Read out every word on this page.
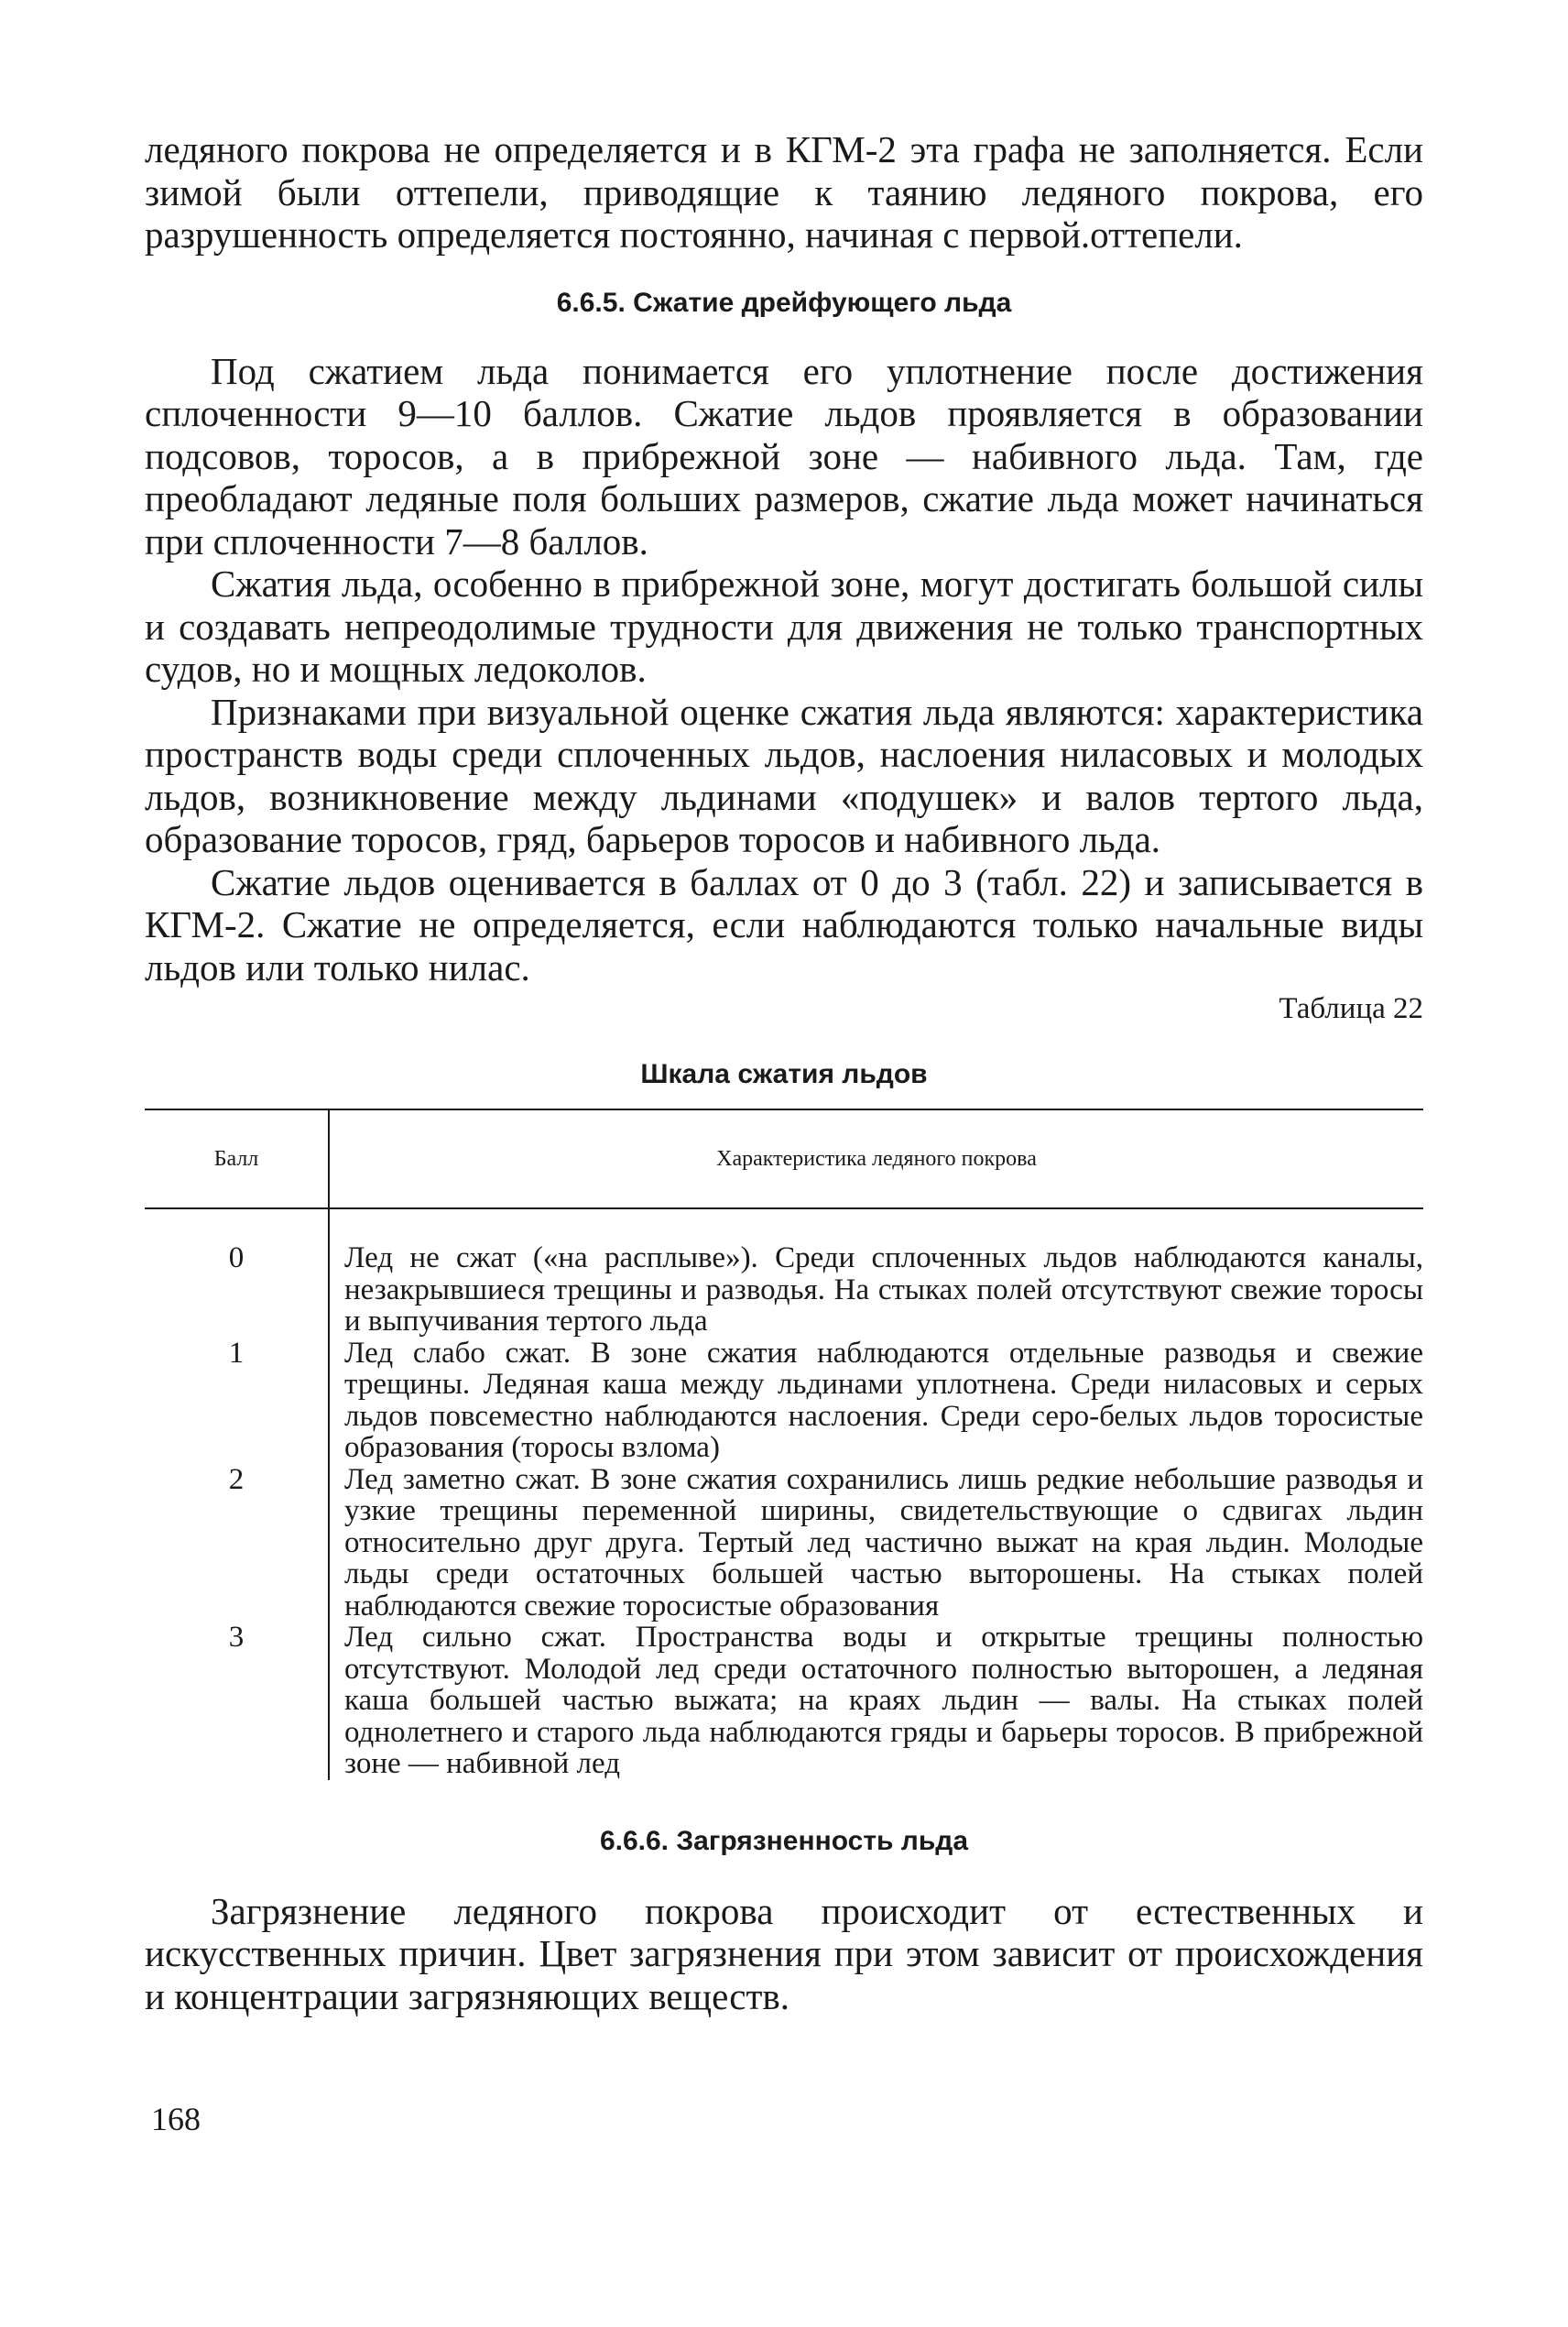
ледяного покрова не определяется и в КГМ-2 эта графа не заполняется. Если зимой были оттепели, приводящие к таянию ледяного покрова, его разрушенность определяется постоянно, начиная с первой.оттепели.

6.6.5. Сжатие дрейфующего льда

Под сжатием льда понимается его уплотнение после достижения сплоченности 9—10 баллов. Сжатие льдов проявляется в образовании подсовов, торосов, а в прибрежной зоне — набивного льда. Там, где преобладают ледяные поля больших размеров, сжатие льда может начинаться при сплоченности 7—8 баллов.

Сжатия льда, особенно в прибрежной зоне, могут достигать большой силы и создавать непреодолимые трудности для движения не только транспортных судов, но и мощных ледоколов.

Признаками при визуальной оценке сжатия льда являются: характеристика пространств воды среди сплоченных льдов, наслоения ниласовых и молодых льдов, возникновение между льдинами «подушек» и валов тертого льда, образование торосов, гряд, барьеров торосов и набивного льда.

Сжатие льдов оценивается в баллах от 0 до 3 (табл. 22) и записывается в КГМ-2. Сжатие не определяется, если наблюдаются только начальные виды льдов или только нилас.

Таблица 22

Шкала сжатия льдов

Балл	Характеристика ледяного покрова
0	Лед не сжат («на расплыве»). Среди сплоченных льдов наблюдаются каналы, незакрывшиеся трещины и разводья. На стыках полей отсутствуют свежие торосы и выпучивания тертого льда
1	Лед слабо сжат. В зоне сжатия наблюдаются отдельные разводья и свежие трещины. Ледяная каша между льдинами уплотнена. Среди ниласовых и серых льдов повсеместно наблюдаются наслоения. Среди серо-белых льдов торосистые образования (торосы взлома)
2	Лед заметно сжат. В зоне сжатия сохранились лишь редкие небольшие разводья и узкие трещины переменной ширины, свидетельствующие о сдвигах льдин относительно друг друга. Тертый лед частично выжат на края льдин. Молодые льды среди остаточных большей частью выторошены. На стыках полей наблюдаются свежие торосистые образования
3	Лед сильно сжат. Пространства воды и открытые трещины полностью отсутствуют. Молодой лед среди остаточного полностью выторошен, а ледяная каша большей частью выжата; на краях льдин — валы. На стыках полей однолетнего и старого льда наблюдаются гряды и барьеры торосов. В прибрежной зоне — набивной лед

6.6.6. Загрязненность льда

Загрязнение ледяного покрова происходит от естественных и искусственных причин. Цвет загрязнения при этом зависит от происхождения и концентрации загрязняющих веществ.

168
